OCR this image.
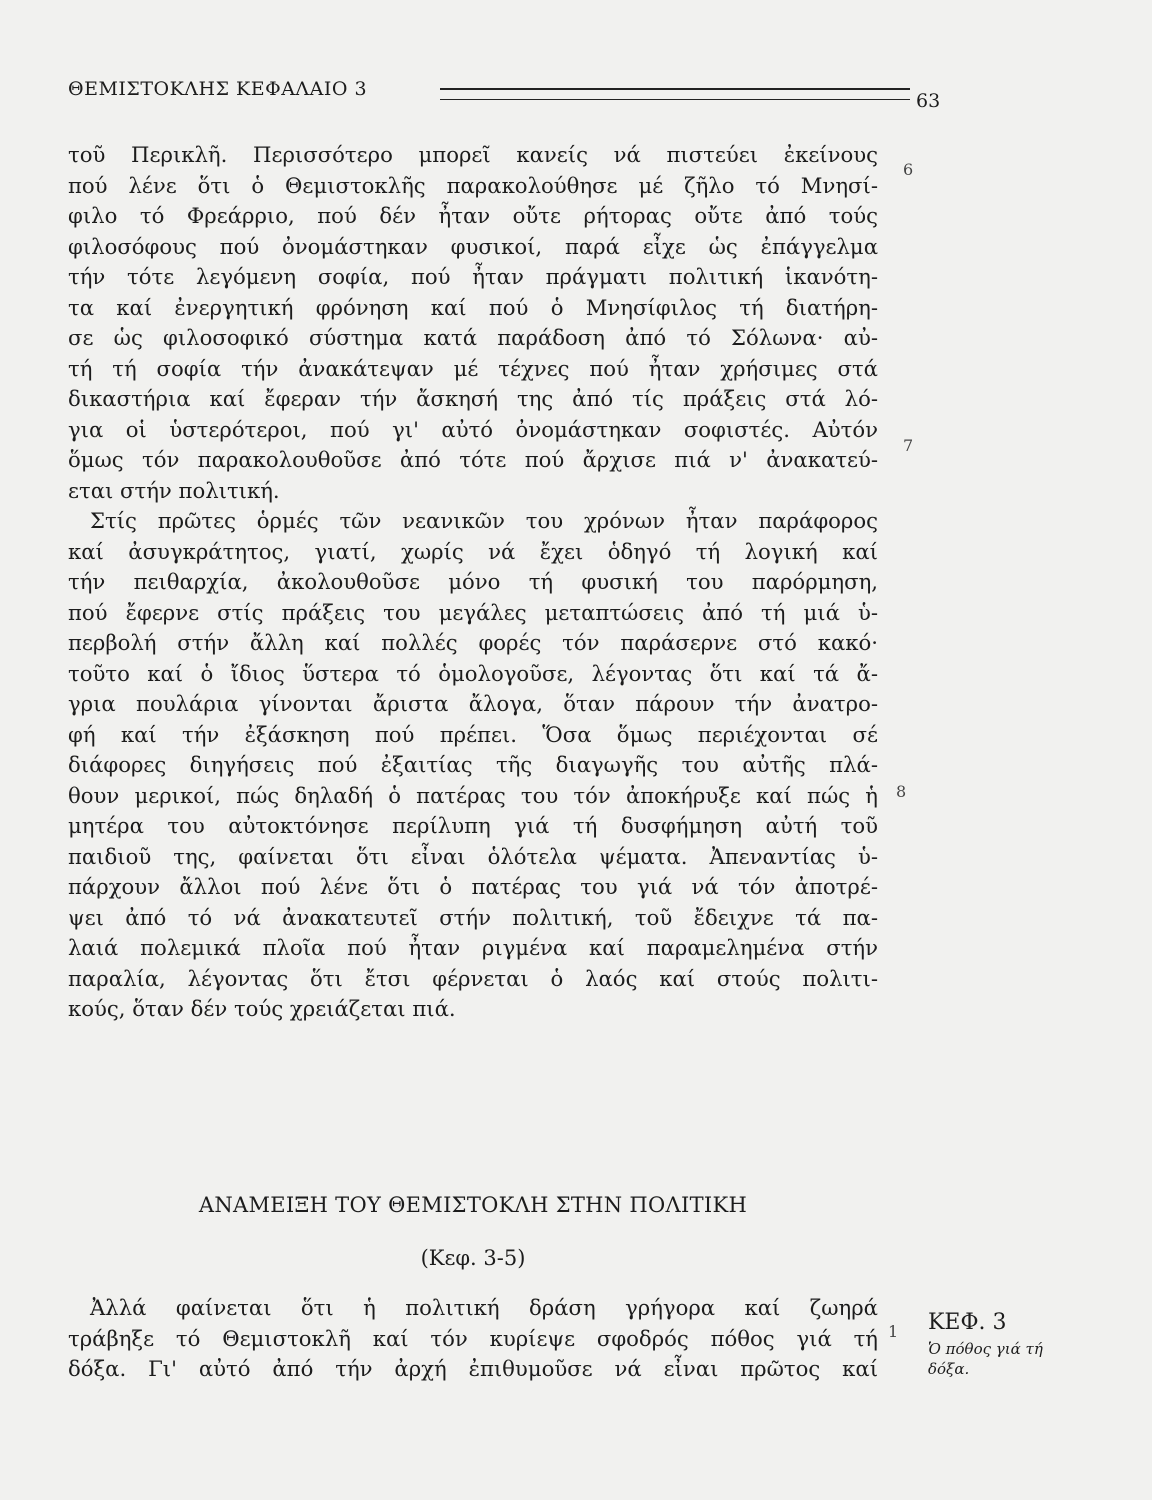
ΘΕΜΙΣΤΟΚΛΗΣ ΚΕΦΑΛΑΙΟ 3
63
τοῦ Περικλῆ. Περισσότερο μπορεῖ κανείς νά πιστεύει ἐκείνους
πού λένε ὅτι ὁ Θεμιστοκλῆς παρακολούθησε μέ ζῆλο τό Μνησί-
φιλο τό Φρεάρριο, πού δέν ἦταν οὔτε ρήτορας οὔτε ἀπό τούς
φιλοσόφους πού ὀνομάστηκαν φυσικοί, παρά εἶχε ὡς ἐπάγγελμα
τήν τότε λεγόμενη σοφία, πού ἦταν πράγματι πολιτική ἱκανότη-
τα καί ἐνεργητική φρόνηση καί πού ὁ Μνησίφιλος τή διατήρη-
σε ὡς φιλοσοφικό σύστημα κατά παράδοση ἀπό τό Σόλωνα· αὐ-
τή τή σοφία τήν ἀνακάτεψαν μέ τέχνες πού ἦταν χρήσιμες στά
δικαστήρια καί ἔφεραν τήν ἄσκησή της ἀπό τίς πράξεις στά λό-
για οἱ ὑστερότεροι, πού γι' αὐτό ὀνομάστηκαν σοφιστές. Αὐτόν
ὅμως τόν παρακολουθοῦσε ἀπό τότε πού ἄρχισε πιά ν' ἀνακατεύ-
εται στήν πολιτική.
Στίς πρῶτες ὁρμές τῶν νεανικῶν του χρόνων ἦταν παράφορος
καί ἀσυγκράτητος, γιατί, χωρίς νά ἔχει ὁδηγό τή λογική καί
τήν πειθαρχία, ἀκολουθοῦσε μόνο τή φυσική του παρόρμηση,
πού ἔφερνε στίς πράξεις του μεγάλες μεταπτώσεις ἀπό τή μιά ὑ-
περβολή στήν ἄλλη καί πολλές φορές τόν παράσερνε στό κακό·
τοῦτο καί ὁ ἴδιος ὕστερα τό ὁμολογοῦσε, λέγοντας ὅτι καί τά ἄ-
γρια πουλάρια γίνονται ἄριστα ἄλογα, ὅταν πάρουν τήν ἀνατρο-
φή καί τήν ἐξάσκηση πού πρέπει. Ὅσα ὅμως περιέχονται σέ
διάφορες διηγήσεις πού ἐξαιτίας τῆς διαγωγῆς του αὐτῆς πλά-
θουν μερικοί, πώς δηλαδή ὁ πατέρας του τόν ἀποκήρυξε καί πώς ἡ
μητέρα του αὐτοκτόνησε περίλυπη γιά τή δυσφήμηση αὐτή τοῦ
παιδιοῦ της, φαίνεται ὅτι εἶναι ὁλότελα ψέματα. Ἀπεναντίας ὑ-
πάρχουν ἄλλοι πού λένε ὅτι ὁ πατέρας του γιά νά τόν ἀποτρέ-
ψει ἀπό τό νά ἀνακατευτεῖ στήν πολιτική, τοῦ ἔδειχνε τά πα-
λαιά πολεμικά πλοῖα πού ἦταν ριγμένα καί παραμελημένα στήν
παραλία, λέγοντας ὅτι ἔτσι φέρνεται ὁ λαός καί στούς πολιτι-
κούς, ὅταν δέν τούς χρειάζεται πιά.
ΑΝΑΜΕΙΞΗ ΤΟΥ ΘΕΜΙΣΤΟΚΛΗ ΣΤΗΝ ΠΟΛΙΤΙΚΗ
(Κεφ. 3-5)
Ἀλλά φαίνεται ὅτι ἡ πολιτική δράση γρήγορα καί ζωηρά
τράβηξε τό Θεμιστοκλῆ καί τόν κυρίεψε σφοδρός πόθος γιά τή
δόξα. Γι' αὐτό ἀπό τήν ἀρχή ἐπιθυμοῦσε νά εἶναι πρῶτος καί
6
7
8
1 ΚΕΦ. 3
Ὁ πόθος γιά τή δόξα.
